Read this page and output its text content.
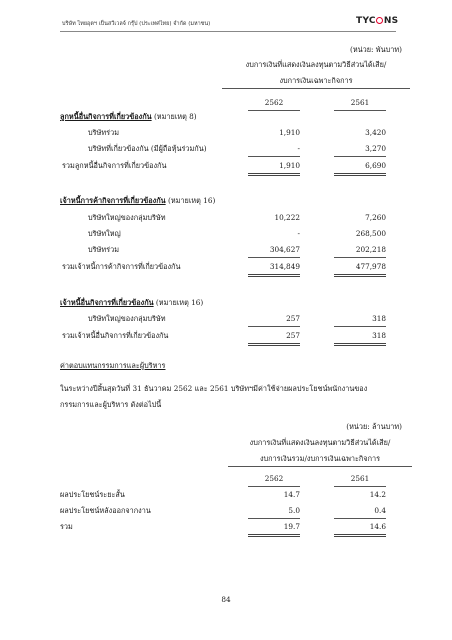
บริษัท ไทยอุตฯ เป็นสวีเวลจ์ กรุ๊ป (ประเทศไทย) จำกัด (มหาชน)	TYC NS
(หน่วย: พันบาท)
งบการเงินที่แสดงเงินลงทุนตามวิธีส่วนได้เสีย/
งบการเงินเฉพาะกิจการ
2562	2561
ลูกหนี้อื่นกิจการที่เกี่ยวข้องกัน (หมายเหตุ 8)
บริษัทร่วม	1,910	3,420
บริษัทที่เกี่ยวข้องกัน (มีผู้ถือหุ้นร่วมกัน)	-	3,270
รวมลูกหนี้อื่นกิจการที่เกี่ยวข้องกัน	1,910	6,690
เจ้าหนี้การค้ากิจการที่เกี่ยวข้องกัน (หมายเหตุ 16)
บริษัทใหญ่ของกลุ่มบริษัท	10,222	7,260
บริษัทใหญ่	-	268,500
บริษัทร่วม	304,627	202,218
รวมเจ้าหนี้การค้ากิจการที่เกี่ยวข้องกัน	314,849	477,978
เจ้าหนี้อื่นกิจการที่เกี่ยวข้องกัน (หมายเหตุ 16)
บริษัทใหญ่ของกลุ่มบริษัท	257	318
รวมเจ้าหนี้อื่นกิจการที่เกี่ยวข้องกัน	257	318
ค่าตอบแทนกรรมการและผู้บริหาร
ในระหว่างปีสิ้นสุดวันที่ 31 ธันวาคม 2562 และ 2561 บริษัทฯมีค่าใช้จ่ายผลประโยชน์พนักงานของ
กรรมการและผู้บริหาร ดังต่อไปนี้
(หน่วย: ล้านบาท)
งบการเงินที่แสดงเงินลงทุนตามวิธีส่วนได้เสีย/
งบการเงินรวม/งบการเงินเฉพาะกิจการ
2562	2561
ผลประโยชน์ระยะสั้น	14.7	14.2
ผลประโยชน์หลังออกจากงาน	5.0	0.4
รวม	19.7	14.6
84
